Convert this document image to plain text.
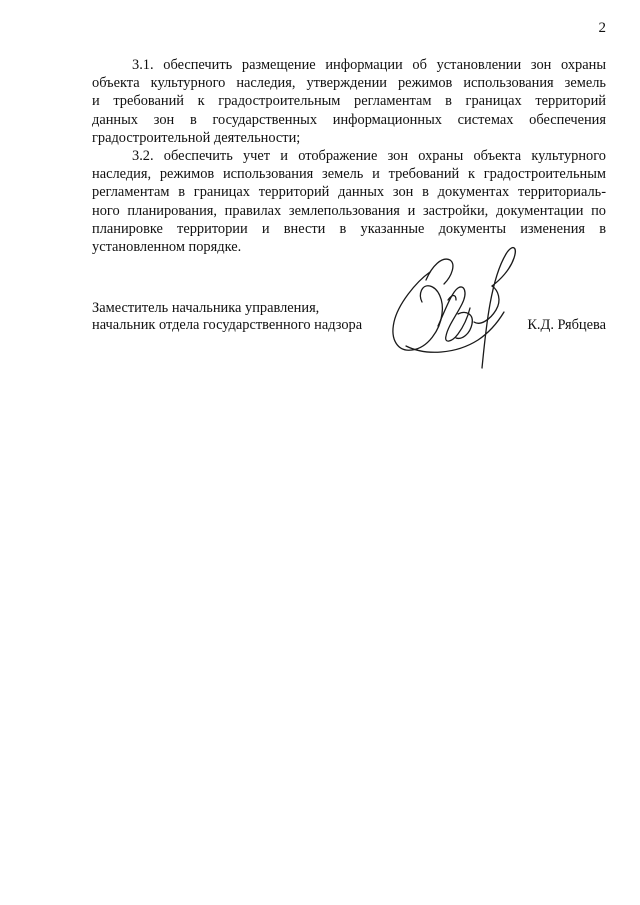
2

3.1. обеспечить размещение информации об установлении зон охраны
объекта культурного наследия, утверждении режимов использования земель
и требований к градостроительным регламентам в границах территорий
данных зон в государственных информационных системах обеспечения
градостроительной деятельности;

3.2. обеспечить учет и отображение зон охраны объекта культурного
наследия, режимов использования земель и требований к градостроительным
регламентам в границах территорий данных зон в документах территориаль-
ного планирования, правилах землепользования и застройки, документации по
планировке территории и внести в указанные документы изменения в
установленном порядке.

Заместитель начальника управления,
начальник отдела государственного надзора	К.Д. Рябцева
